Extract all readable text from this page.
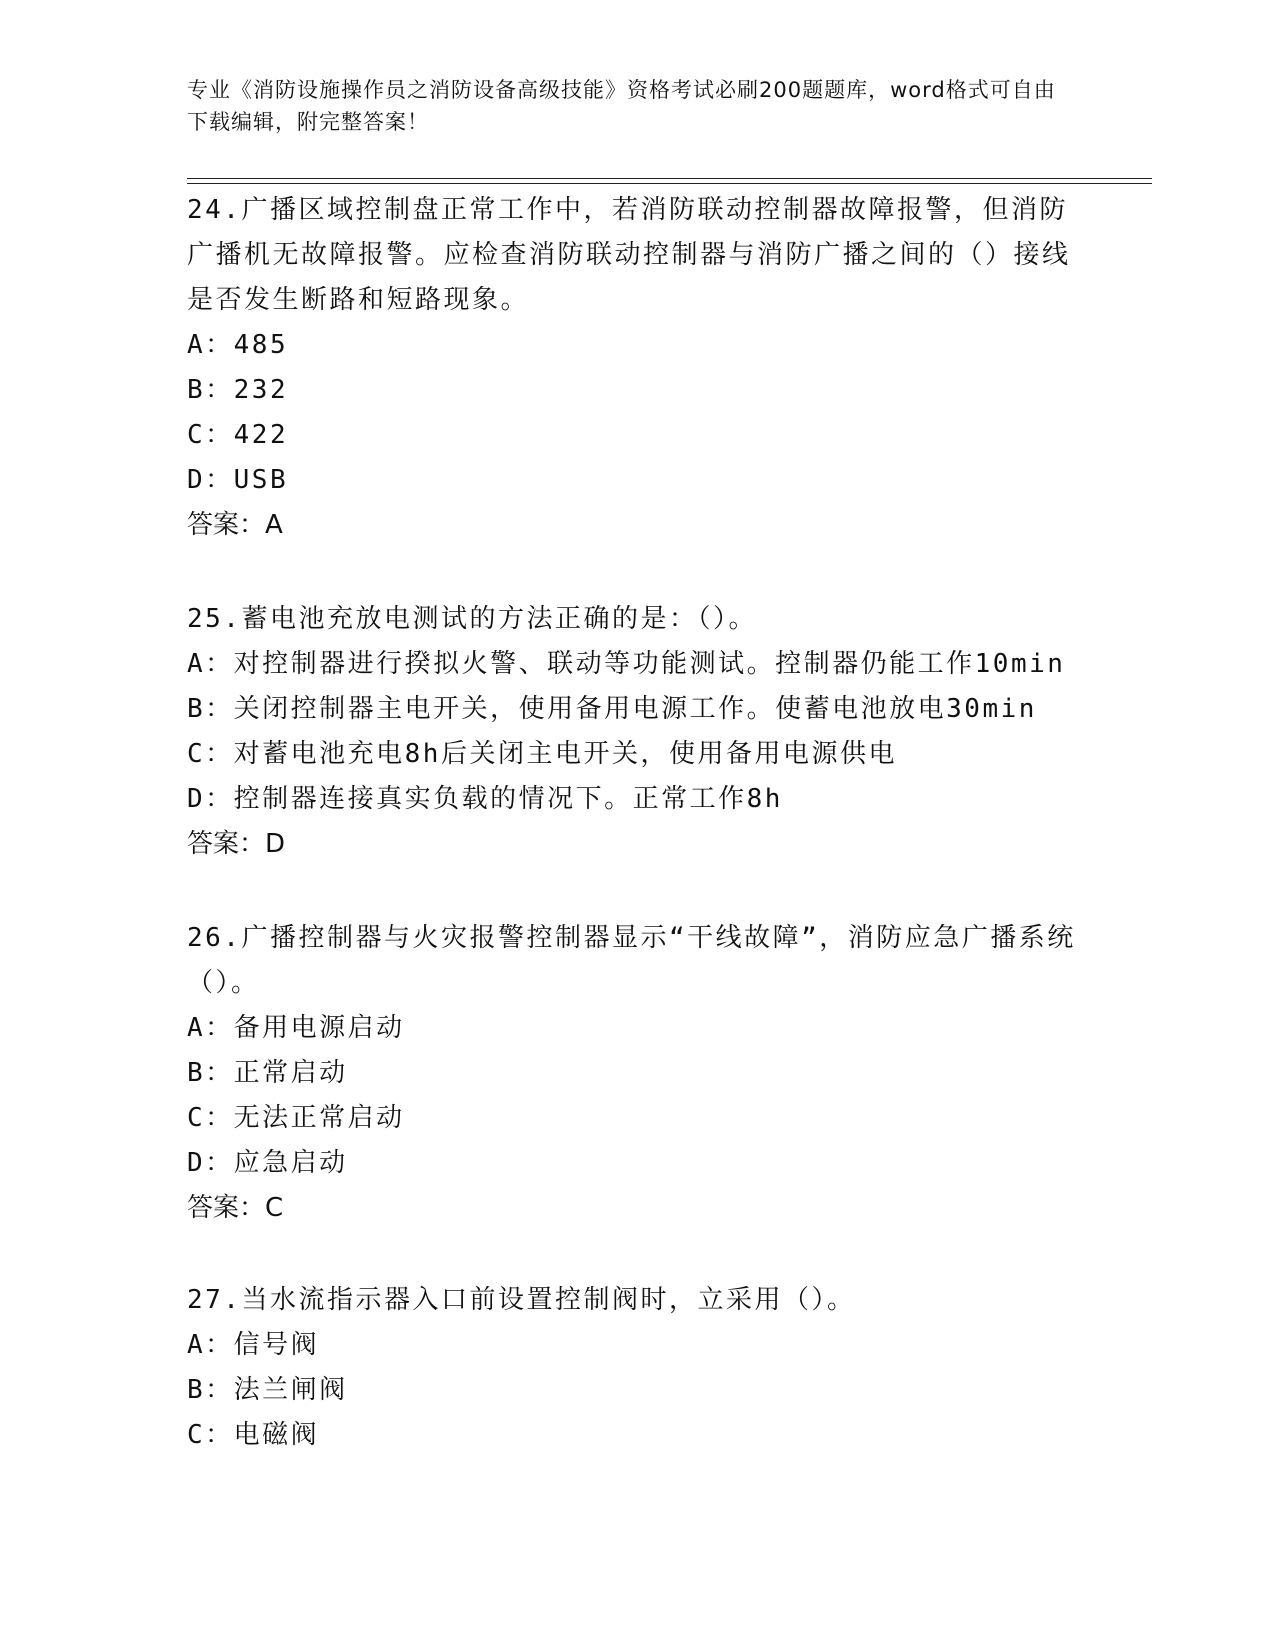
专业《消防设施操作员之消防设备高级技能》资格考试必刷200题题库，word格式可自由下载编辑，附完整答案！
24.广播区域控制盘正常工作中，若消防联动控制器故障报警，但消防广播机无故障报警。应检查消防联动控制器与消防广播之间的（）接线是否发生断路和短路现象。
A：485
B：232
C：422
D：USB
答案：A
25.蓄电池充放电测试的方法正确的是：（）。
A：对控制器进行揆拟火警、联动等功能测试。控制器仍能工作10min
B：关闭控制器主电开关，使用备用电源工作。使蓄电池放电30min
C：对蓄电池充电8h后关闭主电开关，使用备用电源供电
D：控制器连接真实负载的情况下。正常工作8h
答案：D
26.广播控制器与火灾报警控制器显示“干线故障”，消防应急广播系统（）。
A：备用电源启动
B：正常启动
C：无法正常启动
D：应急启动
答案：C
27.当水流指示器入口前设置控制阀时，立采用（）。
A：信号阀
B：法兰闸阀
C：电磁阀
